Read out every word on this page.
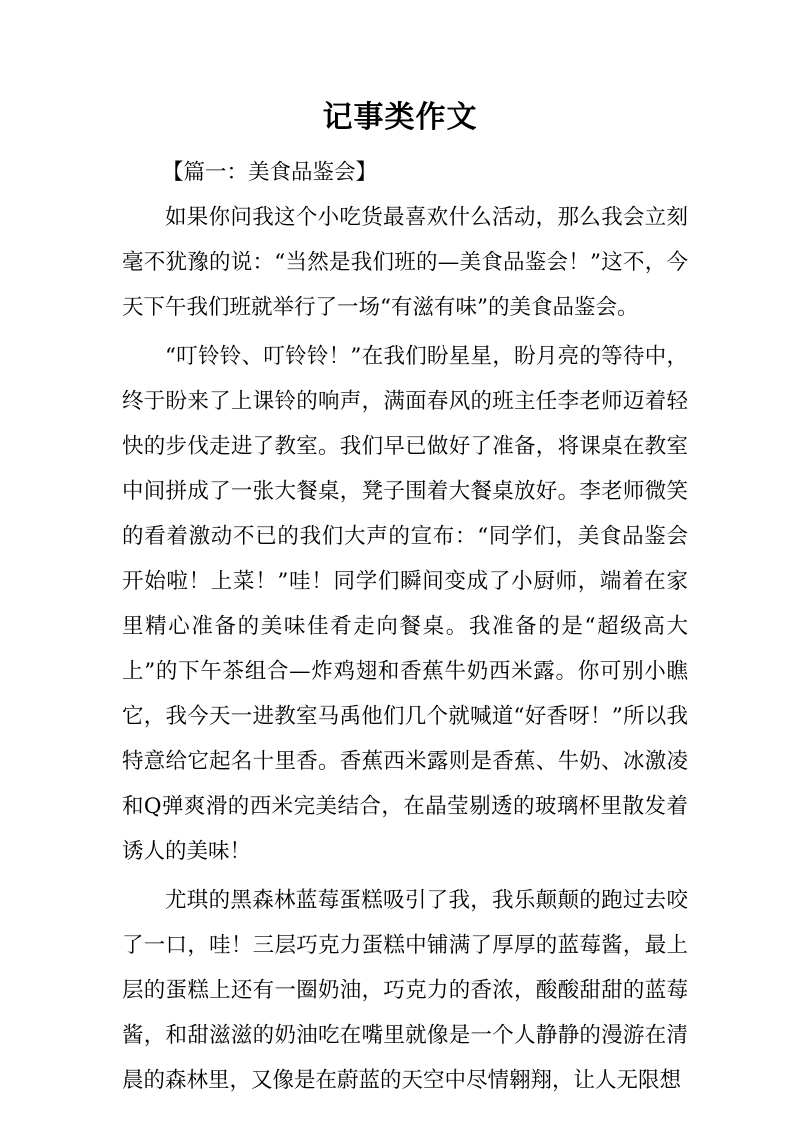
记事类作文

【篇一：美食品鉴会】

如果你问我这个小吃货最喜欢什么活动，那么我会立刻毫不犹豫的说：“当然是我们班的—美食品鉴会！”这不，今天下午我们班就举行了一场“有滋有味”的美食品鉴会。

“叮铃铃、叮铃铃！”在我们盼星星，盼月亮的等待中，终于盼来了上课铃的响声，满面春风的班主任李老师迈着轻快的步伐走进了教室。我们早已做好了准备，将课桌在教室中间拼成了一张大餐桌，凳子围着大餐桌放好。李老师微笑的看着激动不已的我们大声的宣布：“同学们，美食品鉴会开始啦！上菜！”哇！同学们瞬间变成了小厨师，端着在家里精心准备的美味佳肴走向餐桌。我准备的是“超级高大上”的下午茶组合—炸鸡翅和香蕉牛奶西米露。你可别小瞧它，我今天一进教室马禹他们几个就喊道“好香呀！”所以我特意给它起名十里香。香蕉西米露则是香蕉、牛奶、冰激凌和Q弹爽滑的西米完美结合，在晶莹剔透的玻璃杯里散发着诱人的美味！

尤琪的黑森林蓝莓蛋糕吸引了我，我乐颠颠的跑过去咬了一口，哇！三层巧克力蛋糕中铺满了厚厚的蓝莓酱，最上层的蛋糕上还有一圈奶油，巧克力的香浓，酸酸甜甜的蓝莓酱，和甜滋滋的奶油吃在嘴里就像是一个人静静的漫游在清晨的森林里，又像是在蔚蓝的天空中尽情翱翔，让人无限想
